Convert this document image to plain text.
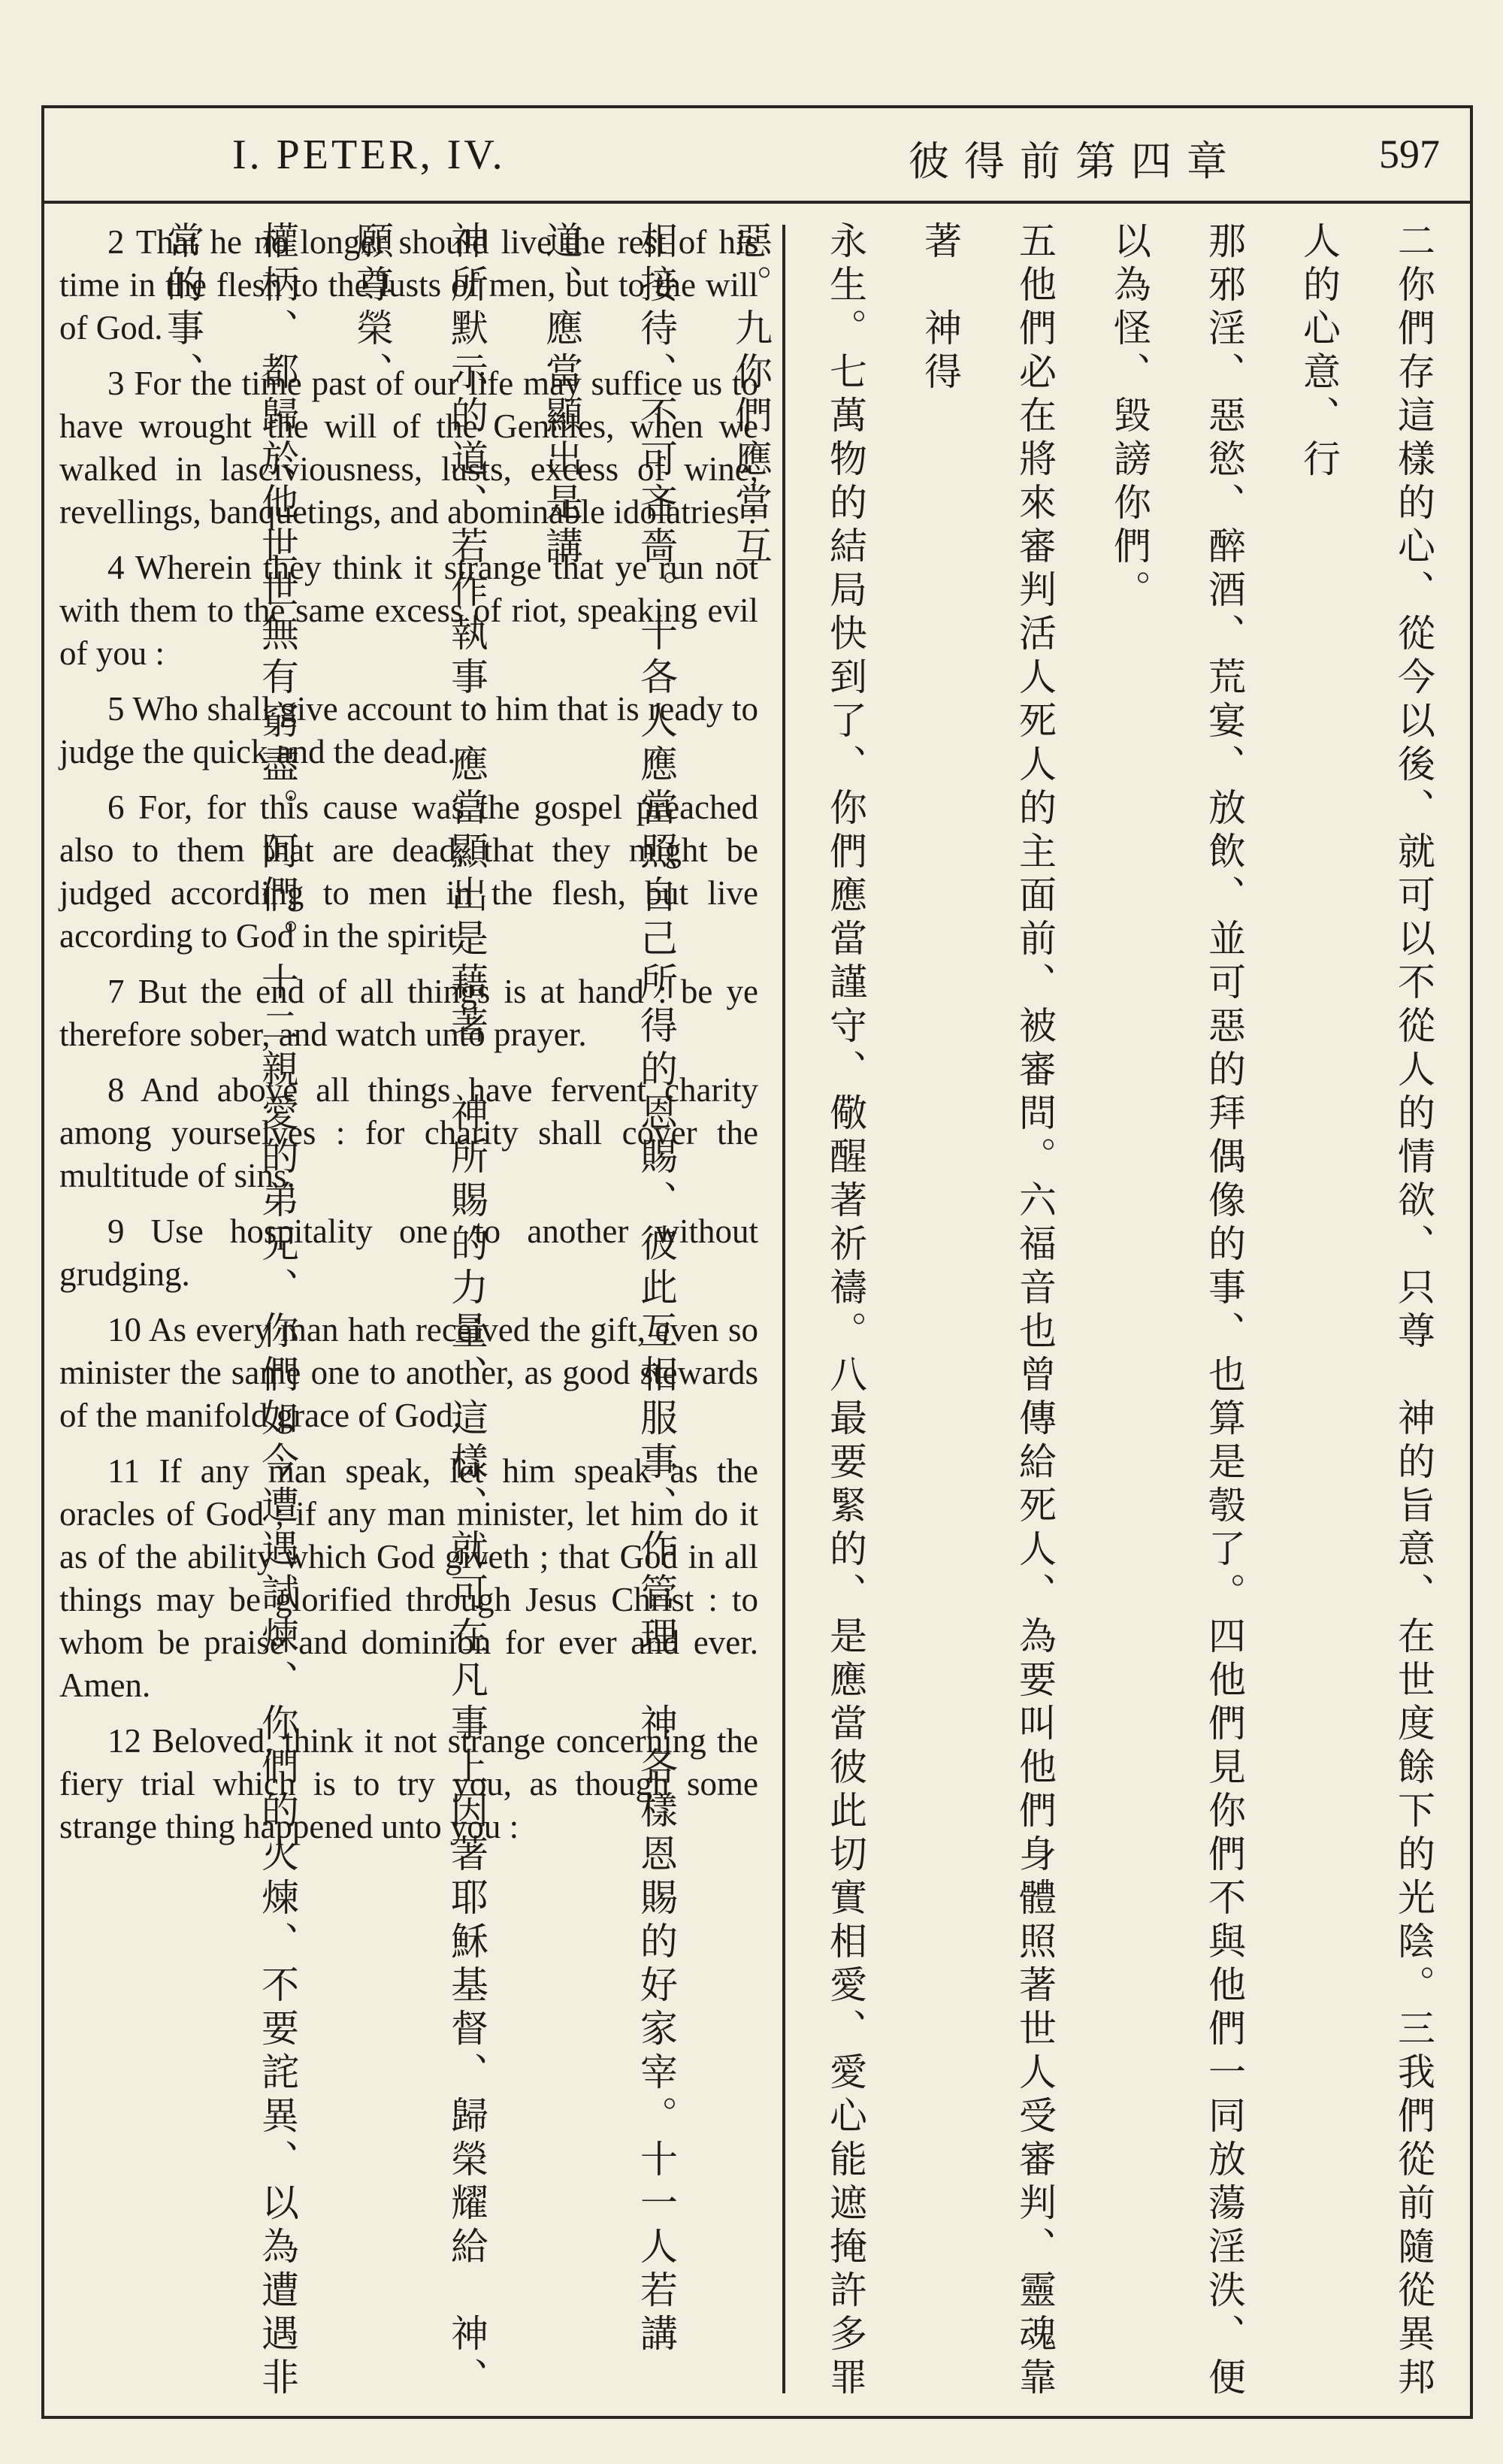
I. PETER, IV.	彼得前第四章	597

2 That he no longer should live the rest of his time in the flesh to the lusts of men, but to the will of God.

3 For the time past of our life may suffice us to have wrought the will of the Gentiles, when we walked in lasciviousness, lusts, excess of wine, revellings, banquetings, and abominable idolatries :

4 Wherein they think it strange that ye run not with them to the same excess of riot, speaking evil of you :

5 Who shall give account to him that is ready to judge the quick and the dead.

6 For, for this cause was the gospel preached also to them that are dead, that they might be judged according to men in the flesh, but live according to God in the spirit.

7 But the end of all things is at hand : be ye therefore sober, and watch unto prayer.

8 And above all things have fervent charity among yourselves : for charity shall cover the multitude of sins.

9 Use hospitality one to another without grudging.

10 As every man hath received the gift, even so minister the same one to another, as good stewards of the manifold grace of God.

11 If any man speak, let him speak as the oracles of God ; if any man minister, let him do it as of the ability which God giveth ; that God in all things may be glorified through Jesus Christ : to whom be praise and dominion for ever and ever. Amen.

12 Beloved, think it not strange concerning the fiery trial which is to try you, as though some strange thing happened unto you :	二你們存這樣的心、從今以後、就可以不從人的情欲、只尊　神的旨意、在世度餘下的光陰。三我們從前隨從異邦人的心意、行

那邪淫、惡慾、醉酒、荒宴、放飲、並可惡的拜偶像的事、也算是彀了。四他們見你們不與他們一同放蕩淫泆、便以為怪、毀謗你們。

五他們必在將來審判活人死人的主面前、被審問。六福音也曾傳給死人、為要叫他們身體照著世人受審判、靈魂靠著　神得

永生。七萬物的結局快到了、你們應當謹守、儆醒著祈禱。八最要緊的、是應當彼此切實相愛、愛心能遮掩許多罪惡。九你們應當互

相接待、不可吝嗇。十各人應當照自己所得的恩賜、彼此互相服事、作管理　神各樣恩賜的好家宰。十一人若講道、應當顯出是講

神所默示的道、若作執事、應當顯出是藉著　神所賜的力量、這樣、就可在凡事上因著耶穌基督、歸榮耀給　神、願尊榮、

權柄、都歸於他世世無有窮盡。阿們。十二親愛的弟兄、你們如今遭遇試煉、你們的火煉、不要詫異、以為遭遇非常的事、
